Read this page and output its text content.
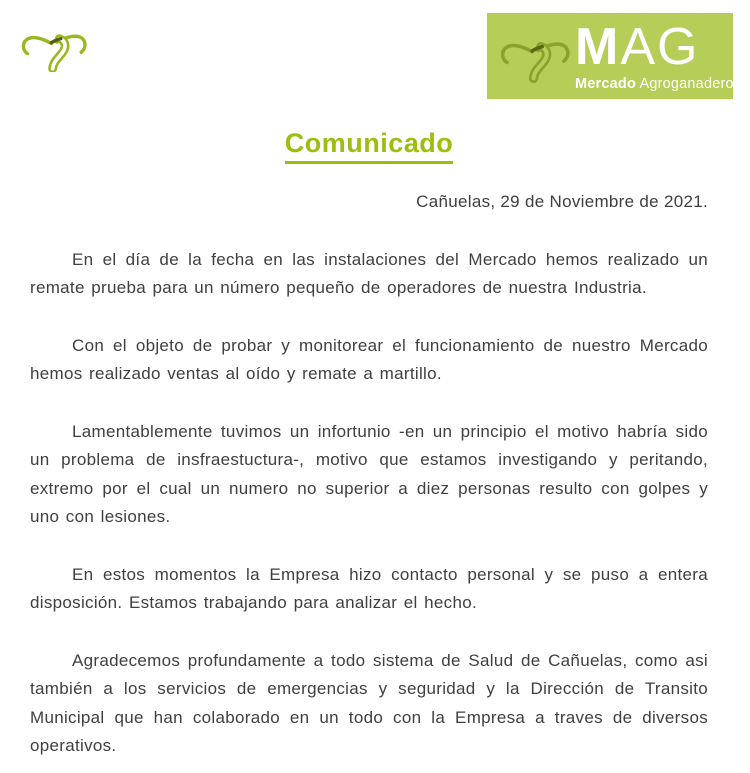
MAG
Mercado Agroganadero
Comunicado

Cañuelas, 29 de Noviembre de 2021.

En el día de la fecha en las instalaciones del Mercado hemos realizado un remate prueba para un número pequeño de operadores de nuestra Industria.

Con el objeto de probar y monitorear el funcionamiento de nuestro Mercado hemos realizado ventas al oído y remate a martillo.

Lamentablemente tuvimos un infortunio -en un principio el motivo habría sido un problema de insfraestuctura-, motivo que estamos investigando y peritando, extremo por el cual un numero no superior a diez personas resulto con golpes y uno con lesiones.

En estos momentos la Empresa hizo contacto personal y se puso a entera disposición. Estamos trabajando para analizar el hecho.

Agradecemos profundamente a todo sistema de Salud de Cañuelas, como asi también a los servicios de emergencias y seguridad y la Dirección de Transito Municipal que han colaborado en un todo con la Empresa a traves de diversos operativos.
